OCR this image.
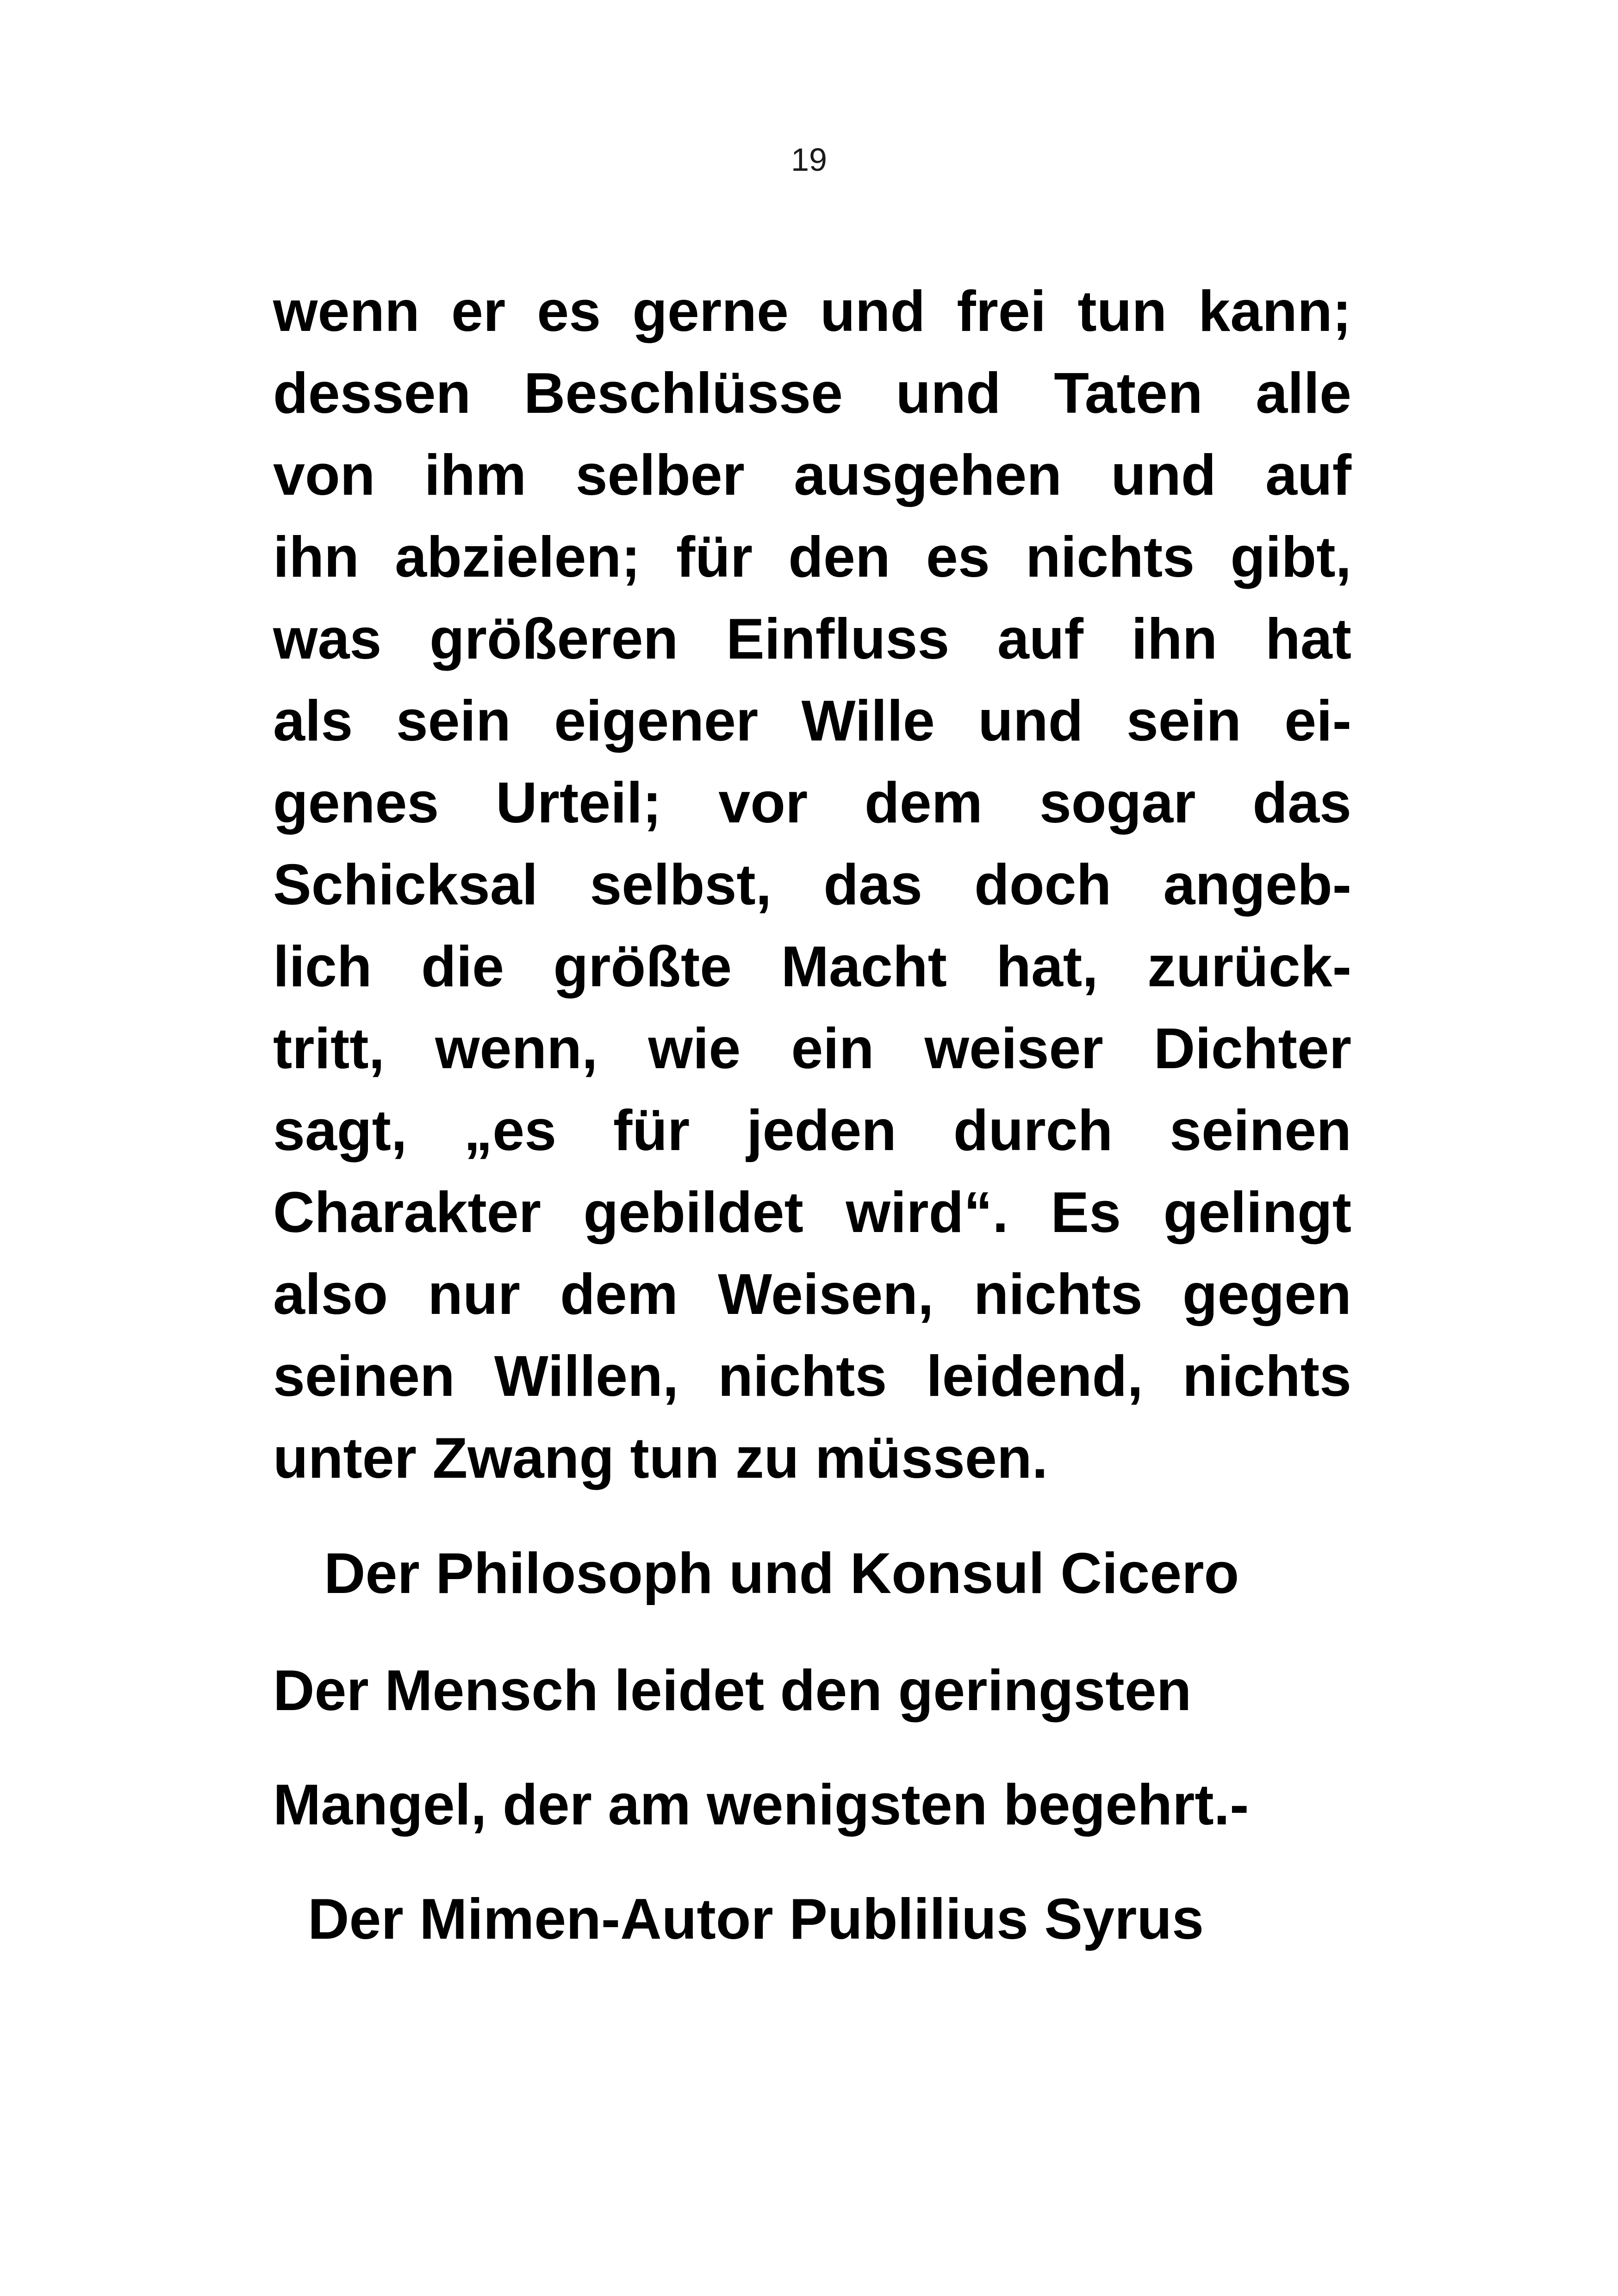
19
wenn er es gerne und frei tun kann;
dessen Beschlüsse und Taten alle
von ihm selber ausgehen und auf
ihn abzielen; für den es nichts gibt,
was größeren Einfluss auf ihn hat
als sein eigener Wille und sein ei-
genes Urteil; vor dem sogar das
Schicksal selbst, das doch angeb-
lich die größte Macht hat, zurück-
tritt, wenn, wie ein weiser Dichter
sagt, „es für jeden durch seinen
Charakter gebildet wird“. Es gelingt
also nur dem Weisen, nichts gegen
seinen Willen, nichts leidend, nichts
unter Zwang tun zu müssen.
Der Philosoph und Konsul Cicero
Der Mensch leidet den geringsten
Mangel, der am wenigsten begehrt.-
Der Mimen-Autor Publilius Syrus
